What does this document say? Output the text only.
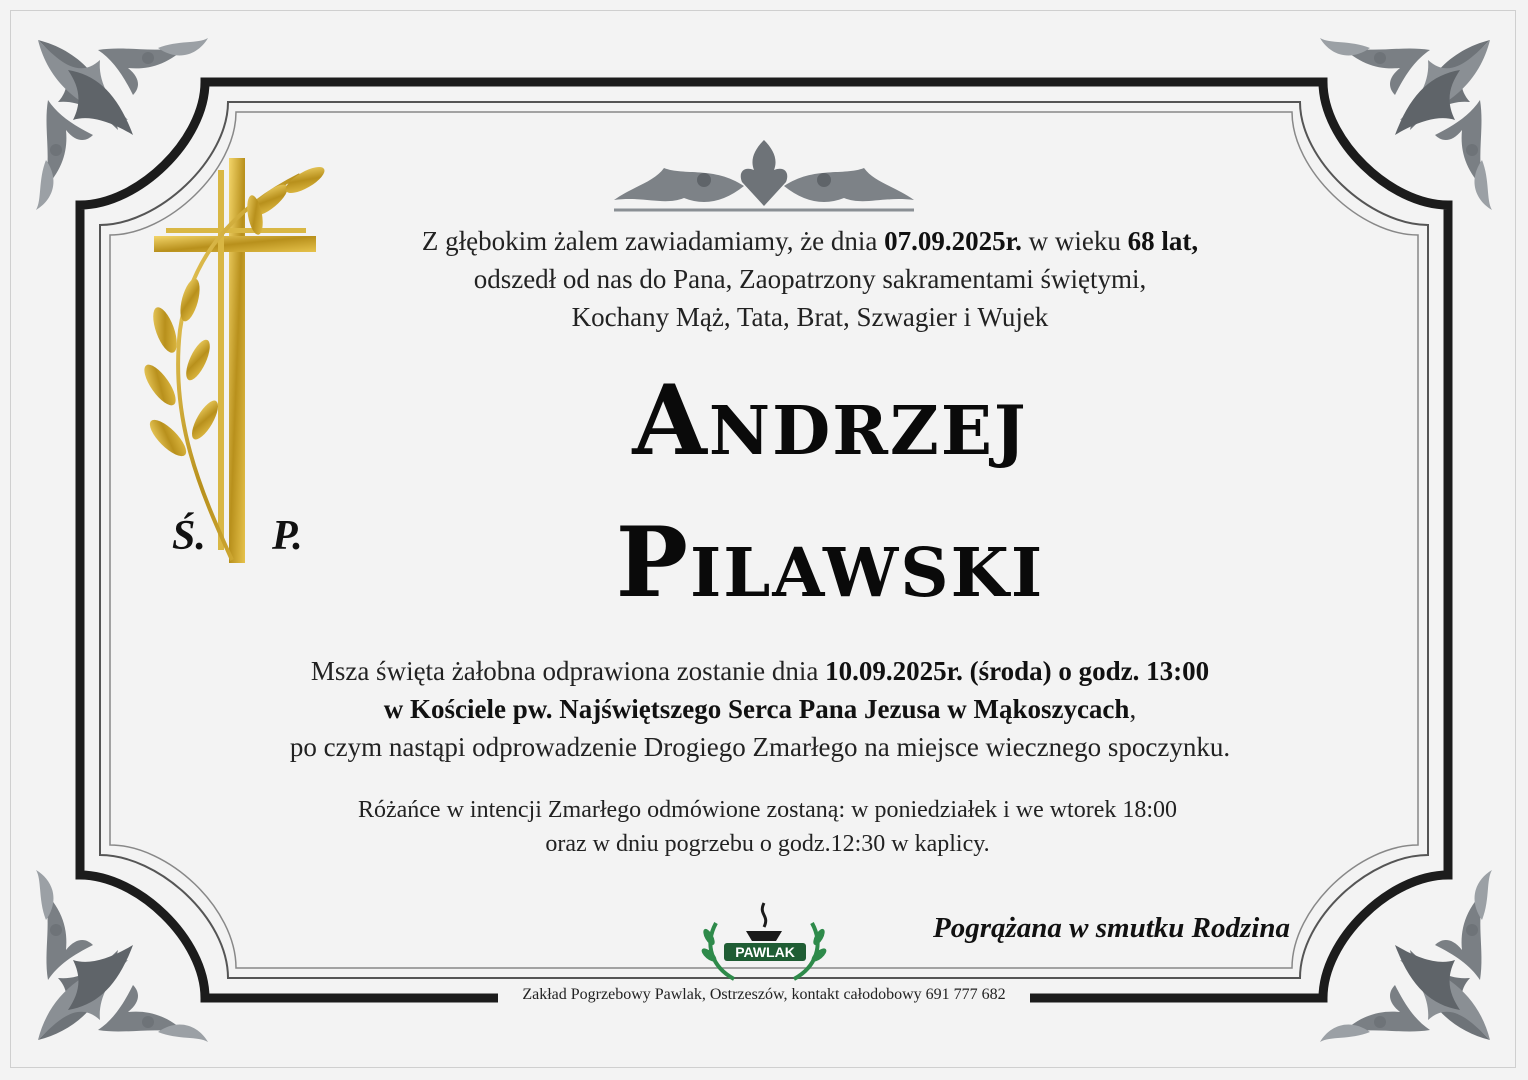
Z głębokim żalem zawiadamiamy, że dnia 07.09.2025r. w wieku 68 lat,
odszedł od nas do Pana, Zaopatrzony sakramentami świętymi,
Kochany Mąż, Tata, Brat, Szwagier i Wujek
Ś. P.
Andrzej
Pilawski
Msza święta żałobna odprawiona zostanie dnia 10.09.2025r. (środa) o godz. 13:00
w Kościele pw. Najświętszego Serca Pana Jezusa w Mąkoszycach,
po czym nastąpi odprowadzenie Drogiego Zmarłego na miejsce wiecznego spoczynku.
Różańce w intencji Zmarłego odmówione zostaną: w poniedziałek i we wtorek 18:00
oraz w dniu pogrzebu o godz.12:30 w kaplicy.
PAWLAK
Pogrążana w smutku Rodzina
Zakład Pogrzebowy Pawlak, Ostrzeszów, kontakt całodobowy 691 777 682
